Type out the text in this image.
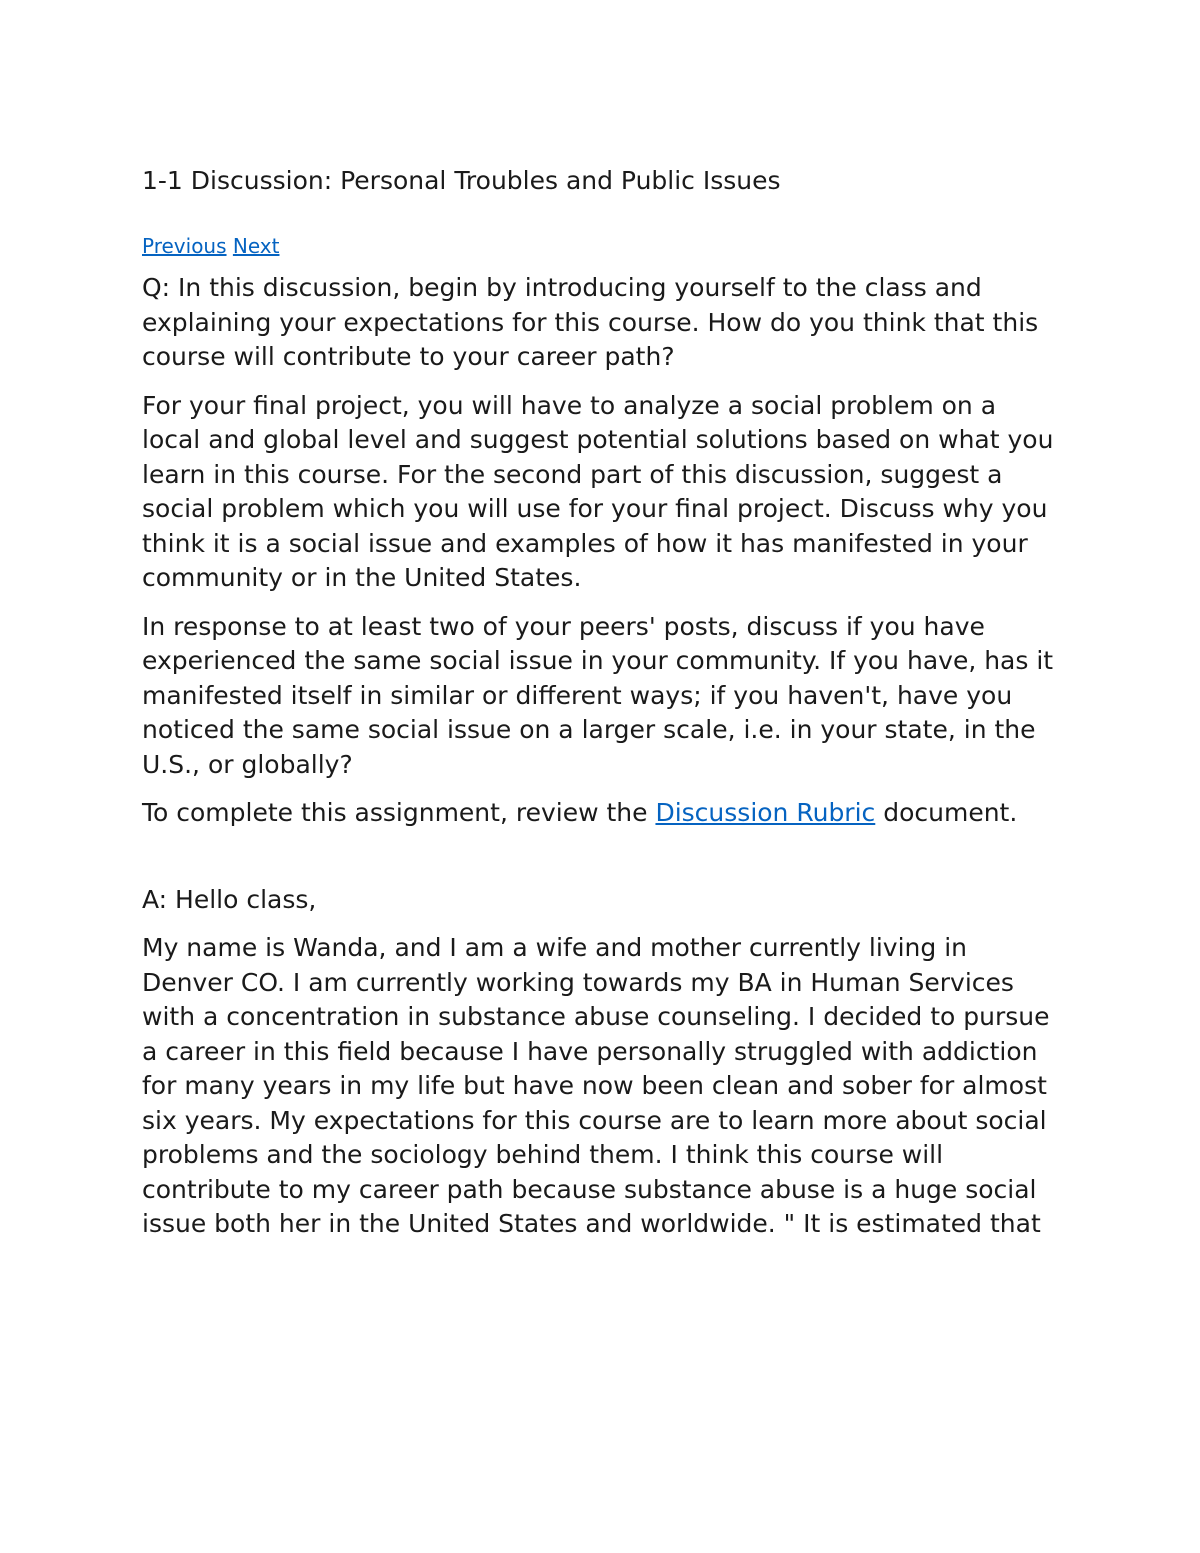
1-1 Discussion: Personal Troubles and Public Issues
Previous Next

Q: In this discussion, begin by introducing yourself to the class and explaining your expectations for this course. How do you think that this course will contribute to your career path?

For your final project, you will have to analyze a social problem on a local and global level and suggest potential solutions based on what you learn in this course. For the second part of this discussion, suggest a social problem which you will use for your final project. Discuss why you think it is a social issue and examples of how it has manifested in your community or in the United States.

In response to at least two of your peers' posts, discuss if you have experienced the same social issue in your community. If you have, has it manifested itself in similar or different ways; if you haven't, have you noticed the same social issue on a larger scale, i.e. in your state, in the U.S., or globally?

To complete this assignment, review the Discussion Rubric document.

A: Hello class,

My name is Wanda, and I am a wife and mother currently living in Denver CO. I am currently working towards my BA in Human Services with a concentration in substance abuse counseling. I decided to pursue a career in this field because I have personally struggled with addiction for many years in my life but have now been clean and sober for almost six years. My expectations for this course are to learn more about social problems and the sociology behind them. I think this course will contribute to my career path because substance abuse is a huge social issue both her in the United States and worldwide. " It is estimated that
